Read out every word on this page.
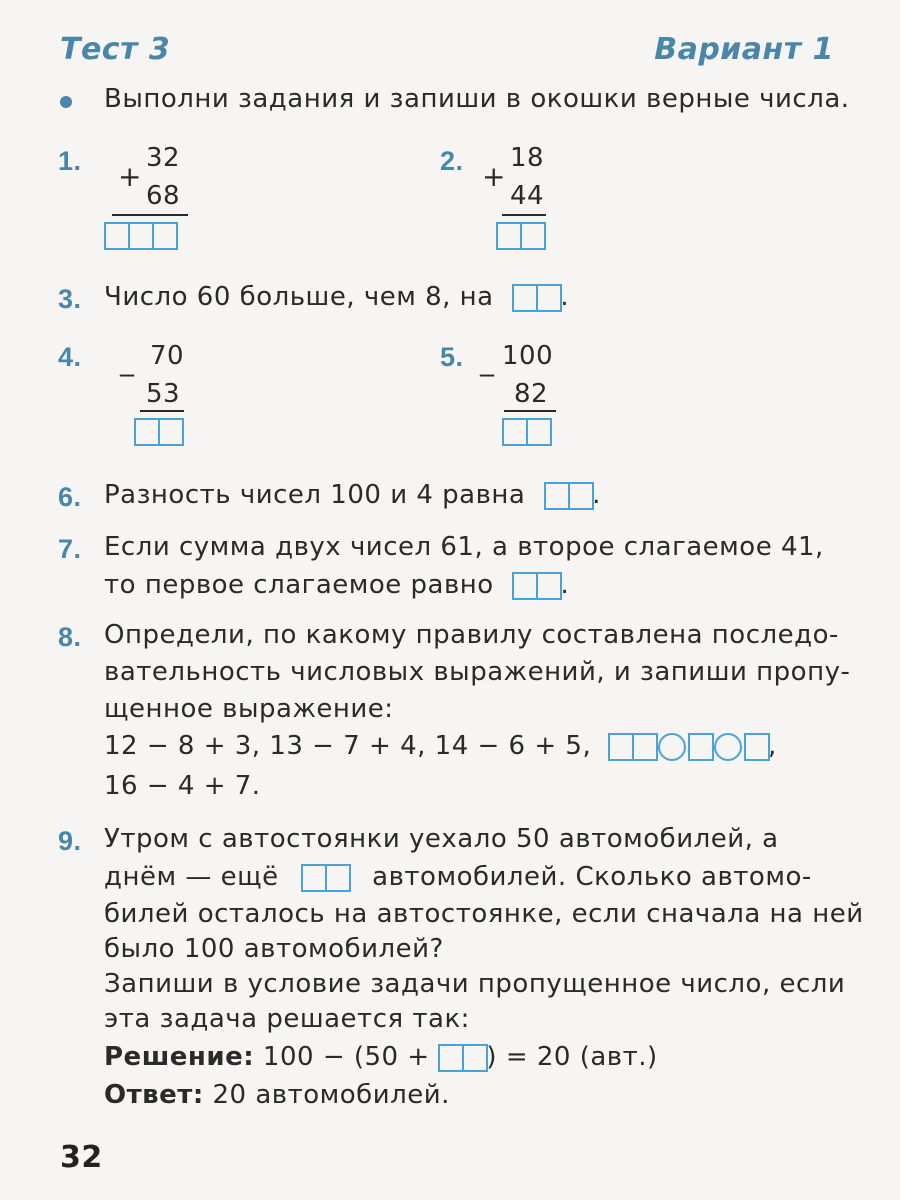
Тест 3	Вариант 1
Выполни задания и запиши в окошки верные числа.
1. +
32
68
2. +
18
44
3. Число 60 больше, чем 8, на	.
4. _ 70
53
5. _ 100
82
6. Разность чисел 100 и 4 равна	.
7. Если сумма двух чисел 61, а второе слагаемое 41,
то первое слагаемое равно	.
8. Определи, по какому правилу составлена последо-
вательность числовых выражений, и запиши пропу-
щенное выражение:
12 − 8 + 3, 13 − 7 + 4, 14 − 6 + 5,	,
16 − 4 + 7.
9. Утром с автостоянки уехало 50 автомобилей, а
днём — ещё	автомобилей. Сколько автомо-
билей осталось на автостоянке, если сначала на ней
было 100 автомобилей?
Запиши в условие задачи пропущенное число, если
эта задача решается так:
Решение: 100 − (50 + ) = 20 (авт.)
Ответ: 20 автомобилей.
32
